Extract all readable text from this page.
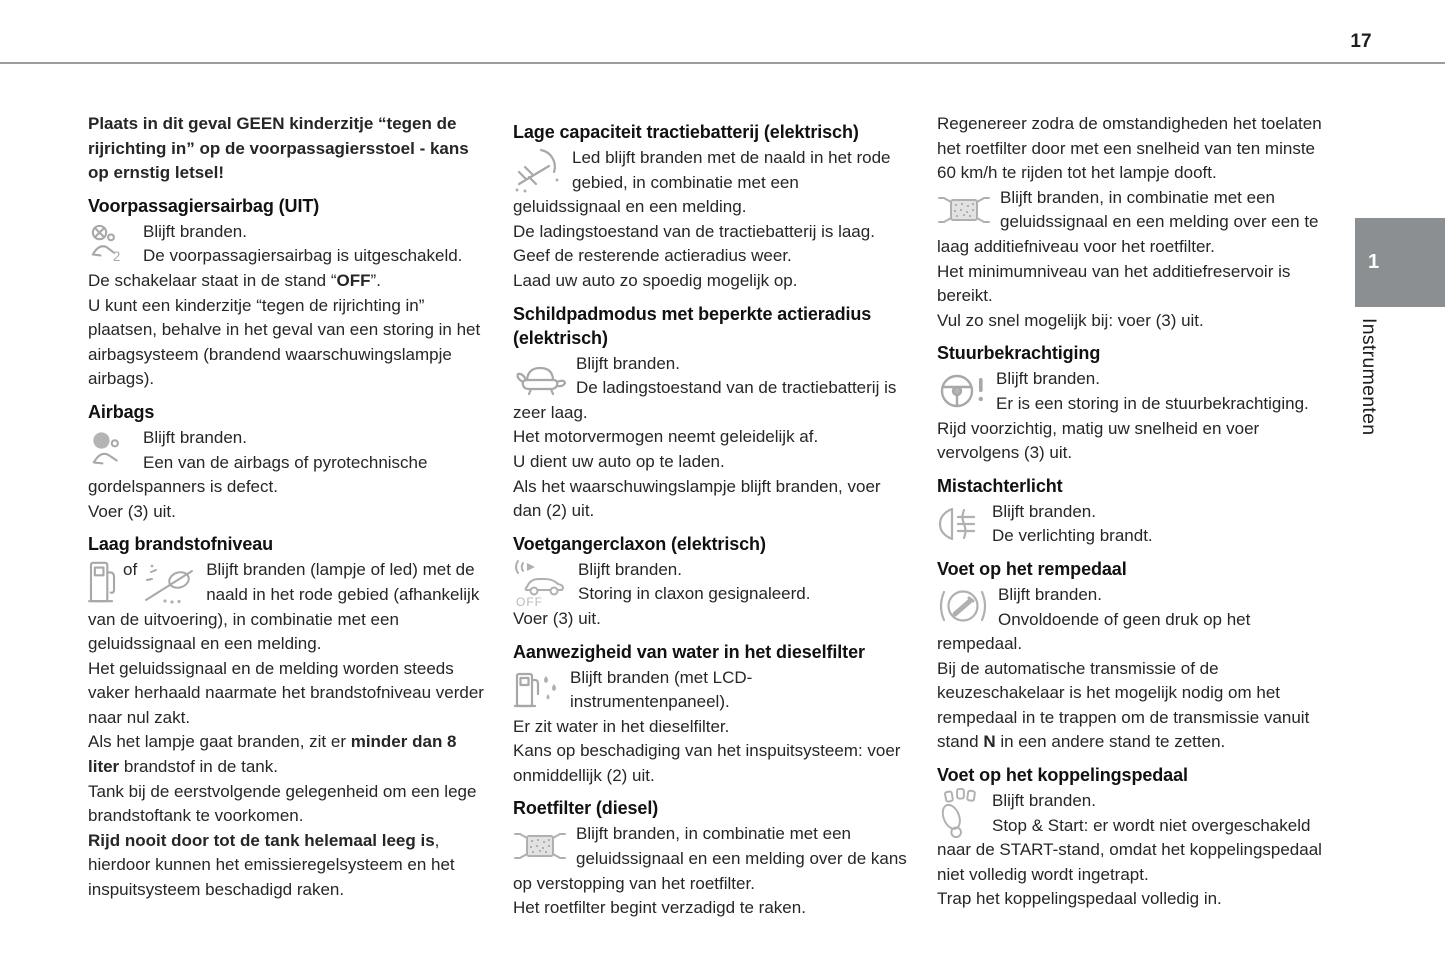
17
1
Instrumenten

Plaats in dit geval GEEN kinderzitje “tegen de rijrichting in” op de voorpassagiersstoel - kans op ernstig letsel!

Voorpassagiersairbag (UIT)

2
Blijft branden.
De voorpassagiersairbag is uitgeschakeld.

De schakelaar staat in de stand “OFF”.

U kunt een kinderzitje “tegen de rijrichting in” plaatsen, behalve in het geval van een storing in het airbagsysteem (brandend waarschuwingslampje airbags).

Airbags

Blijft branden.
Een van de airbags of pyrotechnische gordelspanners is defect.

Voer (3) uit.

Laag brandstofniveau

of	Blijft branden (lampje of led) met de naald in het rode gebied (afhankelijk van de uitvoering), in combinatie met een geluidssignaal en een melding.

Het geluidssignaal en de melding worden steeds vaker herhaald naarmate het brandstofniveau verder naar nul zakt.

Als het lampje gaat branden, zit er minder dan 8 liter brandstof in de tank.

Tank bij de eerstvolgende gelegenheid om een lege brandstoftank te voorkomen.

Rijd nooit door tot de tank helemaal leeg is, hierdoor kunnen het emissieregelsysteem en het inspuitsysteem beschadigd raken.

Lage capaciteit tractiebatterij (elektrisch)

Led blijft branden met de naald in het rode gebied, in combinatie met een geluidssignaal en een melding.

De ladingstoestand van de tractiebatterij is laag.

Geef de resterende actieradius weer.

Laad uw auto zo spoedig mogelijk op.

Schildpadmodus met beperkte actieradius (elektrisch)

Blijft branden.
De ladingstoestand van de tractiebatterij is zeer laag.

Het motorvermogen neemt geleidelijk af.

U dient uw auto op te laden.

Als het waarschuwingslampje blijft branden, voer dan (2) uit.

Voetgangerclaxon (elektrisch)

OFF
Blijft branden.
Storing in claxon gesignaleerd.

Voer (3) uit.

Aanwezigheid van water in het dieselfilter

Blijft branden (met LCD-instrumentenpaneel).

Er zit water in het dieselfilter.

Kans op beschadiging van het inspuitsysteem: voer onmiddellijk (2) uit.

Roetfilter (diesel)

Blijft branden, in combinatie met een geluidssignaal en een melding over de kans op verstopping van het roetfilter.

Het roetfilter begint verzadigd te raken.

Regenereer zodra de omstandigheden het toelaten het roetfilter door met een snelheid van ten minste 60 km/h te rijden tot het lampje dooft.

Blijft branden, in combinatie met een geluidssignaal en een melding over een te laag additiefniveau voor het roetfilter.

Het minimumniveau van het additiefreservoir is bereikt.

Vul zo snel mogelijk bij: voer (3) uit.

Stuurbekrachtiging

Blijft branden.
Er is een storing in de stuurbekrachtiging.

Rijd voorzichtig, matig uw snelheid en voer vervolgens (3) uit.

Mistachterlicht

Blijft branden.
De verlichting brandt.

Voet op het rempedaal

Blijft branden.
Onvoldoende of geen druk op het rempedaal.

Bij de automatische transmissie of de keuzeschakelaar is het mogelijk nodig om het rempedaal in te trappen om de transmissie vanuit stand N in een andere stand te zetten.

Voet op het koppelingspedaal

Blijft branden.
Stop & Start: er wordt niet overgeschakeld naar de START-stand, omdat het koppelingspedaal niet volledig wordt ingetrapt.

Trap het koppelingspedaal volledig in.
